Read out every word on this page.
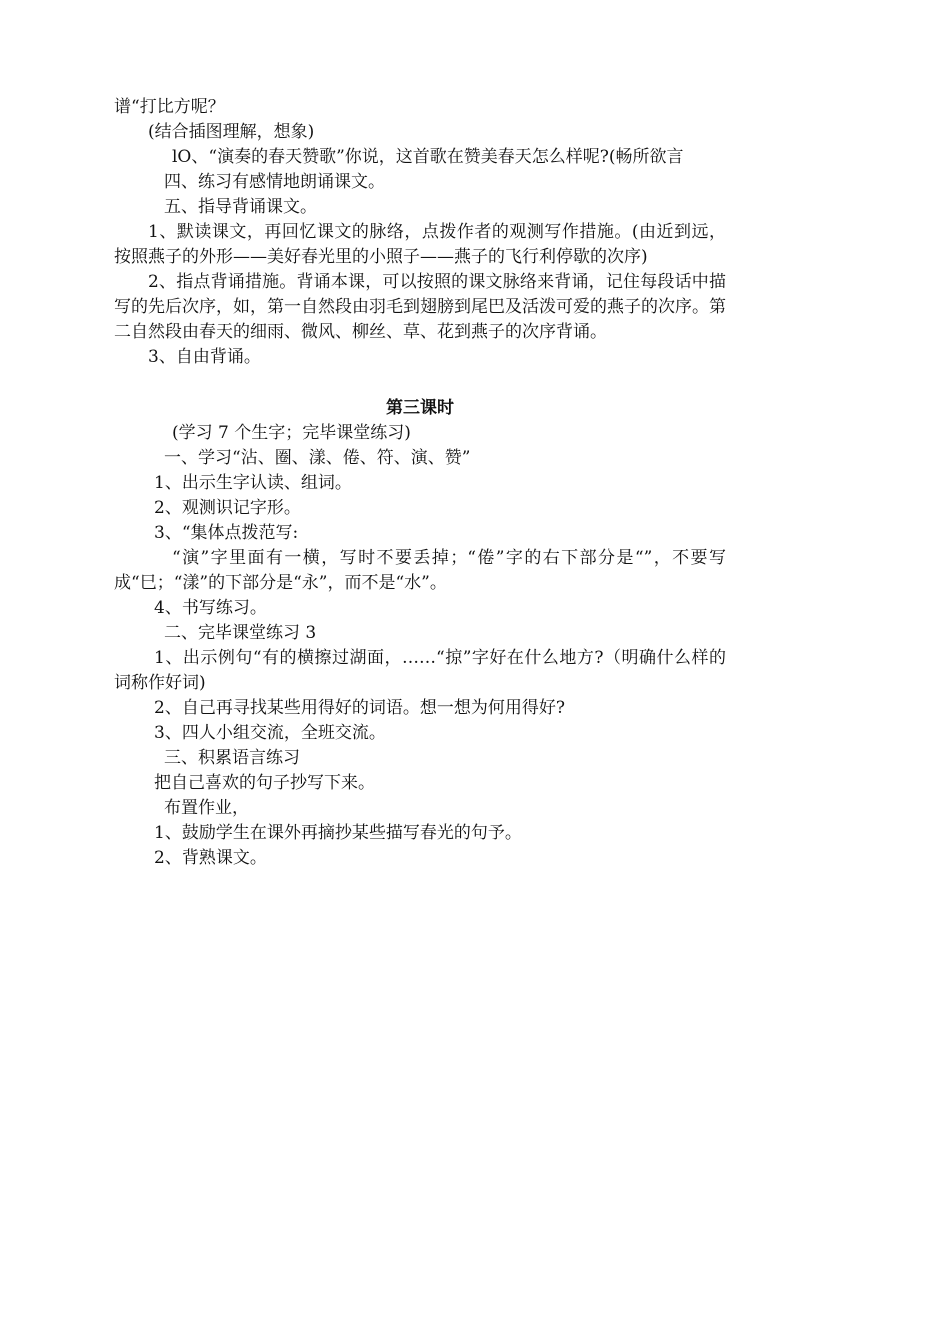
谱“打比方呢？

(结合插图理解，想象)

lO、“演奏的春天赞歌”你说，这首歌在赞美春天怎么样呢?(畅所欲言

四、练习有感情地朗诵课文。

五、指导背诵课文。

1、默读课文，再回忆课文的脉络，点拨作者的观测写作措施。(由近到远，按照燕子的外形——美好春光里的小照子——燕子的飞行利停歇的次序)

2、指点背诵措施。背诵本课，可以按照的课文脉络来背诵，记住每段话中描写的先后次序，如，第一自然段由羽毛到翅膀到尾巴及活泼可爱的燕子的次序。第二自然段由春天的细雨、微风、柳丝、草、花到燕子的次序背诵。

3、自由背诵。

第三课时

(学习 7 个生字；完毕课堂练习)

一、学习“沾、圈、漾、倦、符、演、赞”

1、出示生字认读、组词。

2、观测识记字形。

3、“集体点拨范写:

“演”字里面有一横，写时不要丢掉；“倦”字的右下部分是“”，不要写成“巳；“漾”的下部分是“永”，而不是“水”。

4、书写练习。

二、完毕课堂练习 3

1、出示例句“有的横擦过湖面，……“掠”字好在什么地方?（明确什么样的词称作好词)

2、自己再寻找某些用得好的词语。想一想为何用得好?

3、四人小组交流，全班交流。

三、积累语言练习

把自己喜欢的句子抄写下来。

布置作业，

1、鼓励学生在课外再摘抄某些描写春光的句予。

2、背熟课文。
